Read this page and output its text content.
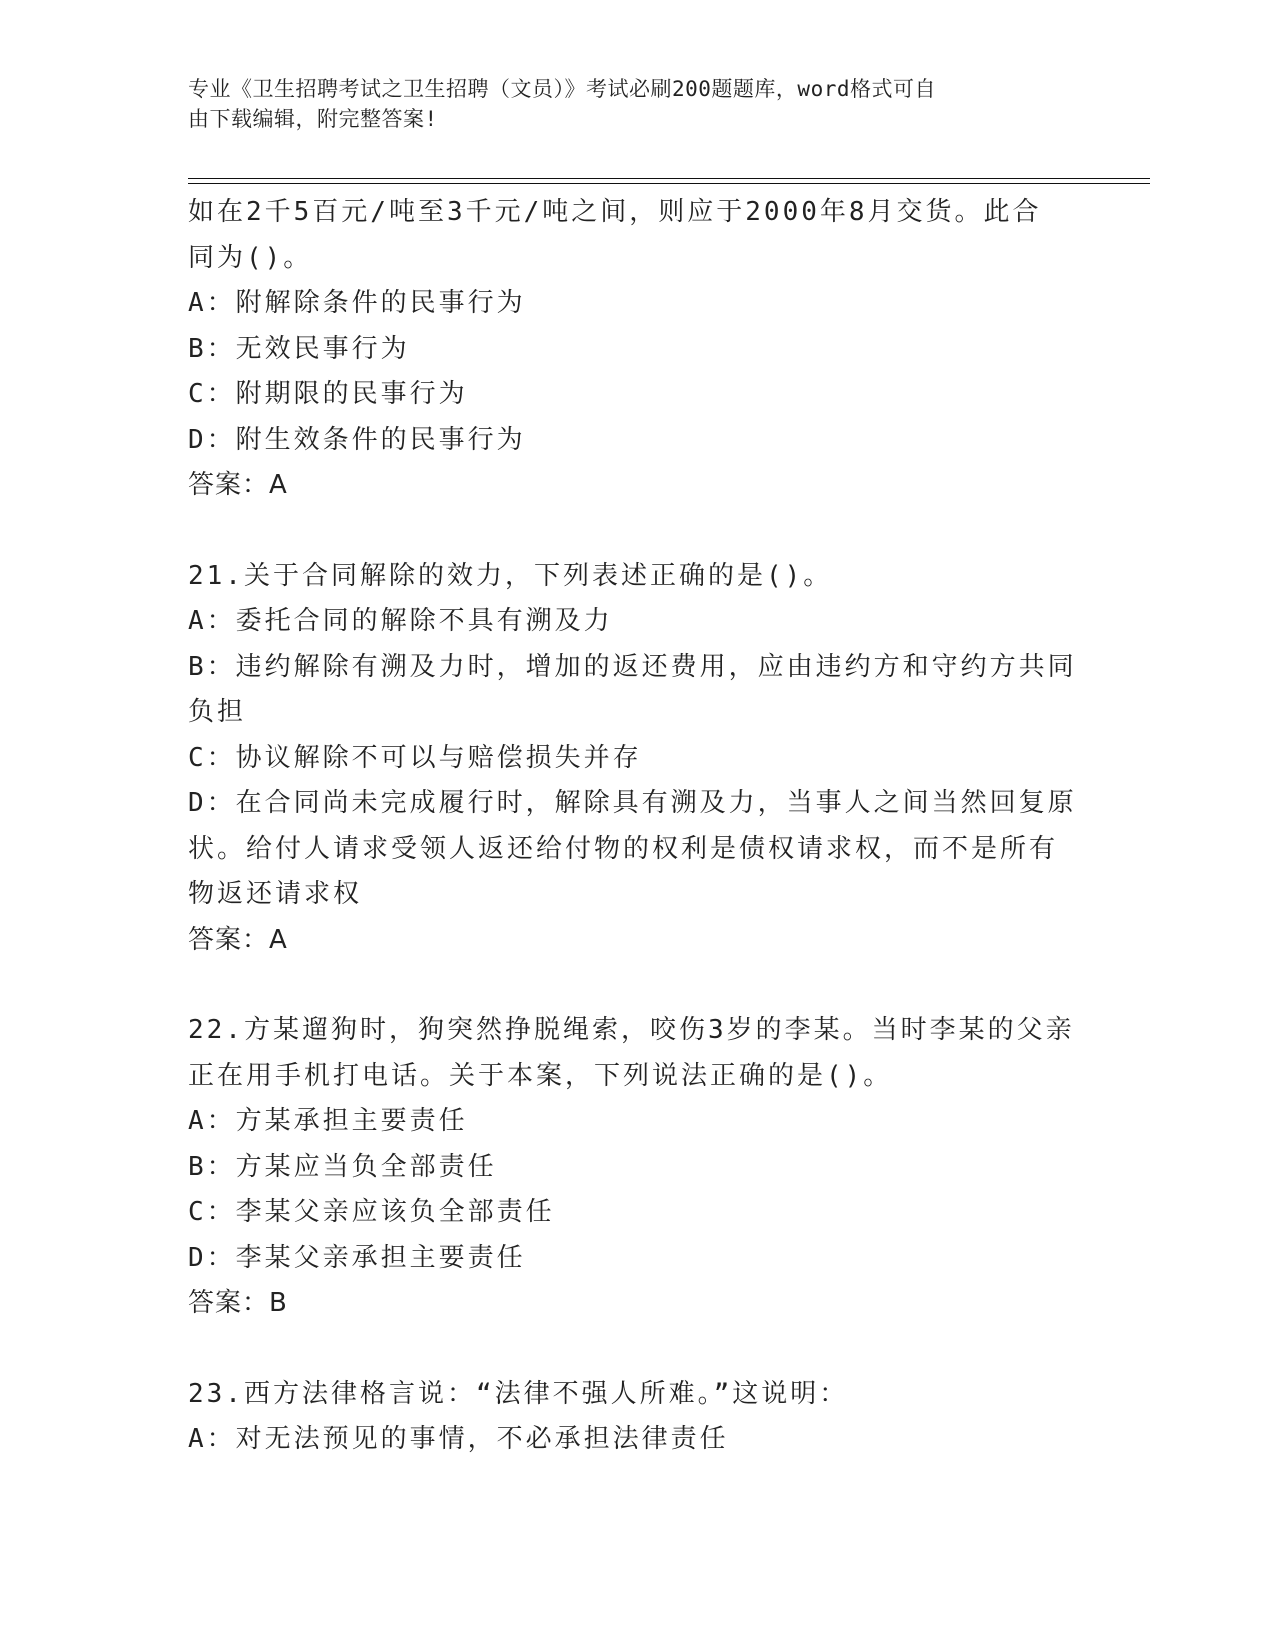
专业《卫生招聘考试之卫生招聘（文员）》考试必刷200题题库，word格式可自
由下载编辑，附完整答案!
如在2千5百元/吨至3千元/吨之间，则应于2000年8月交货。此合
同为()。
A：附解除条件的民事行为
B：无效民事行为
C：附期限的民事行为
D：附生效条件的民事行为
答案：A
21.关于合同解除的效力，下列表述正确的是()。
A：委托合同的解除不具有溯及力
B：违约解除有溯及力时，增加的返还费用，应由违约方和守约方共同
负担
C：协议解除不可以与赔偿损失并存
D：在合同尚未完成履行时，解除具有溯及力，当事人之间当然回复原
状。给付人请求受领人返还给付物的权利是债权请求权，而不是所有
物返还请求权
答案：A
22.方某遛狗时，狗突然挣脱绳索，咬伤3岁的李某。当时李某的父亲
正在用手机打电话。关于本案，下列说法正确的是()。
A：方某承担主要责任
B：方某应当负全部责任
C：李某父亲应该负全部责任
D：李某父亲承担主要责任
答案：B
23.西方法律格言说：“法律不强人所难。”这说明：
A：对无法预见的事情，不必承担法律责任
